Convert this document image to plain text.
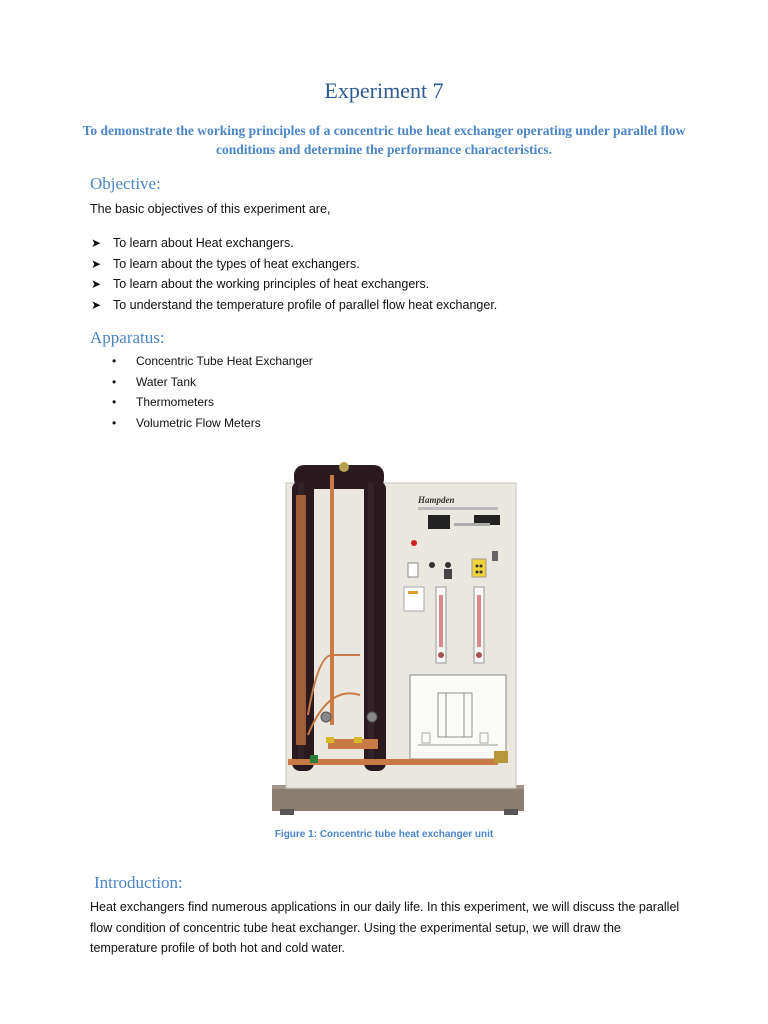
Experiment 7
To demonstrate the working principles of a concentric tube heat exchanger operating under parallel flow conditions and determine the performance characteristics.
Objective:
The basic objectives of this experiment are,
➤ To learn about Heat exchangers.
➤ To learn about the types of heat exchangers.
➤ To learn about the working principles of heat exchangers.
➤ To understand the temperature profile of parallel flow heat exchanger.
Apparatus:
• Concentric Tube Heat Exchanger
• Water Tank
• Thermometers
• Volumetric Flow Meters
Hampden
Figure 1: Concentric tube heat exchanger unit
Introduction:
Heat exchangers find numerous applications in our daily life. In this experiment, we will discuss the parallel flow condition of concentric tube heat exchanger. Using the experimental setup, we will draw the temperature profile of both hot and cold water.
